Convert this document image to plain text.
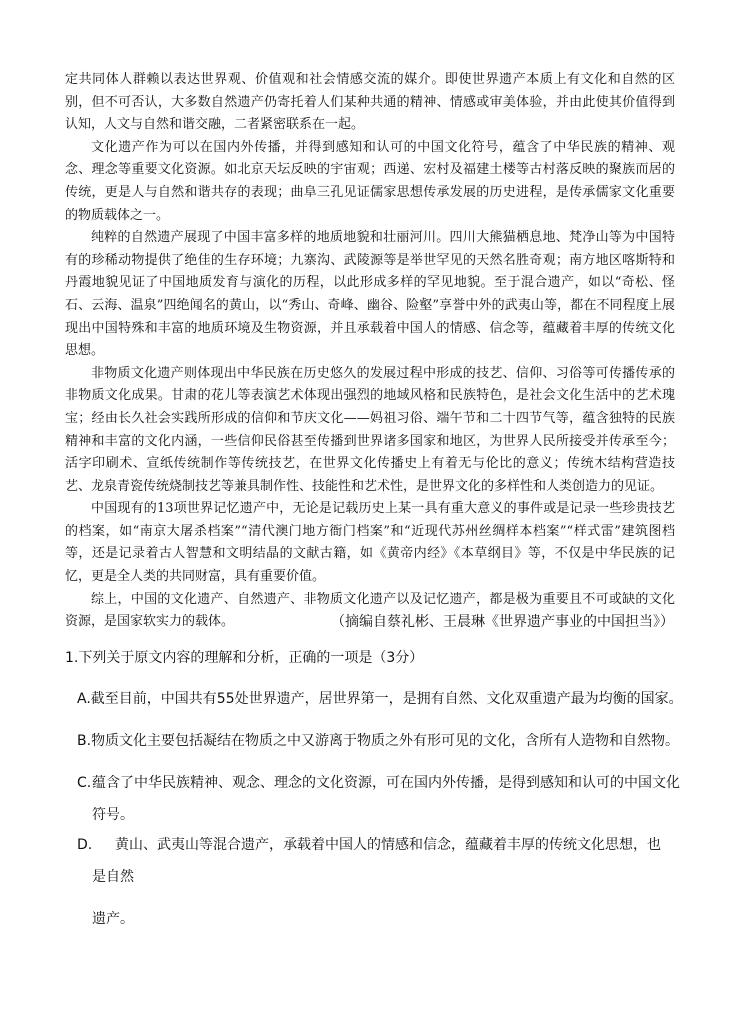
定共同体人群赖以表达世界观、价值观和社会情感交流的媒介。即使世界遗产本质上有文化和自然的区别，但不可否认，大多数自然遗产仍寄托着人们某种共通的精神、情感或审美体验，并由此使其价值得到认知，人文与自然和谐交融，二者紧密联系在一起。

文化遗产作为可以在国内外传播，并得到感知和认可的中国文化符号，蕴含了中华民族的精神、观念、理念等重要文化资源。如北京天坛反映的宇宙观；西递、宏村及福建土楼等古村落反映的聚族而居的传统，更是人与自然和谐共存的表现；曲阜三孔见证儒家思想传承发展的历史进程，是传承儒家文化重要的物质载体之一。

纯粹的自然遗产展现了中国丰富多样的地质地貌和壮丽河川。四川大熊猫栖息地、梵净山等为中国特有的珍稀动物提供了绝佳的生存环境；九寨沟、武陵源等是举世罕见的天然名胜奇观；南方地区喀斯特和丹霞地貌见证了中国地质发育与演化的历程，以此形成多样的罕见地貌。至于混合遗产，如以“奇松、怪石、云海、温泉”四绝闻名的黄山，以“秀山、奇峰、幽谷、险壑”享誉中外的武夷山等，都在不同程度上展现出中国特殊和丰富的地质环境及生物资源，并且承载着中国人的情感、信念等，蕴藏着丰厚的传统文化思想。

非物质文化遗产则体现出中华民族在历史悠久的发展过程中形成的技艺、信仰、习俗等可传播传承的非物质文化成果。甘肃的花儿等表演艺术体现出强烈的地域风格和民族特色，是社会文化生活中的艺术瑰宝；经由长久社会实践所形成的信仰和节庆文化——妈祖习俗、端午节和二十四节气等，蕴含独特的民族精神和丰富的文化内涵，一些信仰民俗甚至传播到世界诸多国家和地区，为世界人民所接受并传承至今；活字印刷术、宣纸传统制作等传统技艺，在世界文化传播史上有着无与伦比的意义；传统木结构营造技艺、龙泉青瓷传统烧制技艺等兼具制作性、技能性和艺术性，是世界文化的多样性和人类创造力的见证。

中国现有的13项世界记忆遗产中，无论是记载历史上某一具有重大意义的事件或是记录一些珍贵技艺的档案，如“南京大屠杀档案”“清代澳门地方衙门档案”和“近现代苏州丝绸样本档案”“样式雷”建筑图档等，还是记录着古人智慧和文明结晶的文献古籍，如《黄帝内经》《本草纲目》等，不仅是中华民族的记忆，更是全人类的共同财富，具有重要价值。

综上，中国的文化遗产、自然遗产、非物质文化遗产以及记忆遗产，都是极为重要且不可或缺的文化资源，是国家软实力的载体。	（摘编自蔡礼彬、王晨琳《世界遗产事业的中国担当》）
1.下列关于原文内容的理解和分析，正确的一项是（3分）
A.截至目前，中国共有55处世界遗产，居世界第一，是拥有自然、文化双重遗产最为均衡的国家。
B.物质文化主要包括凝结在物质之中又游离于物质之外有形可见的文化，含所有人造物和自然物。
C. 蕴含了中华民族精神、观念、理念的文化资源，可在国内外传播，是得到感知和认可的中国文化符号。
D.	黄山、武夷山等混合遗产，承载着中国人的情感和信念，蕴藏着丰厚的传统文化思想，也
是自然
遗产。
